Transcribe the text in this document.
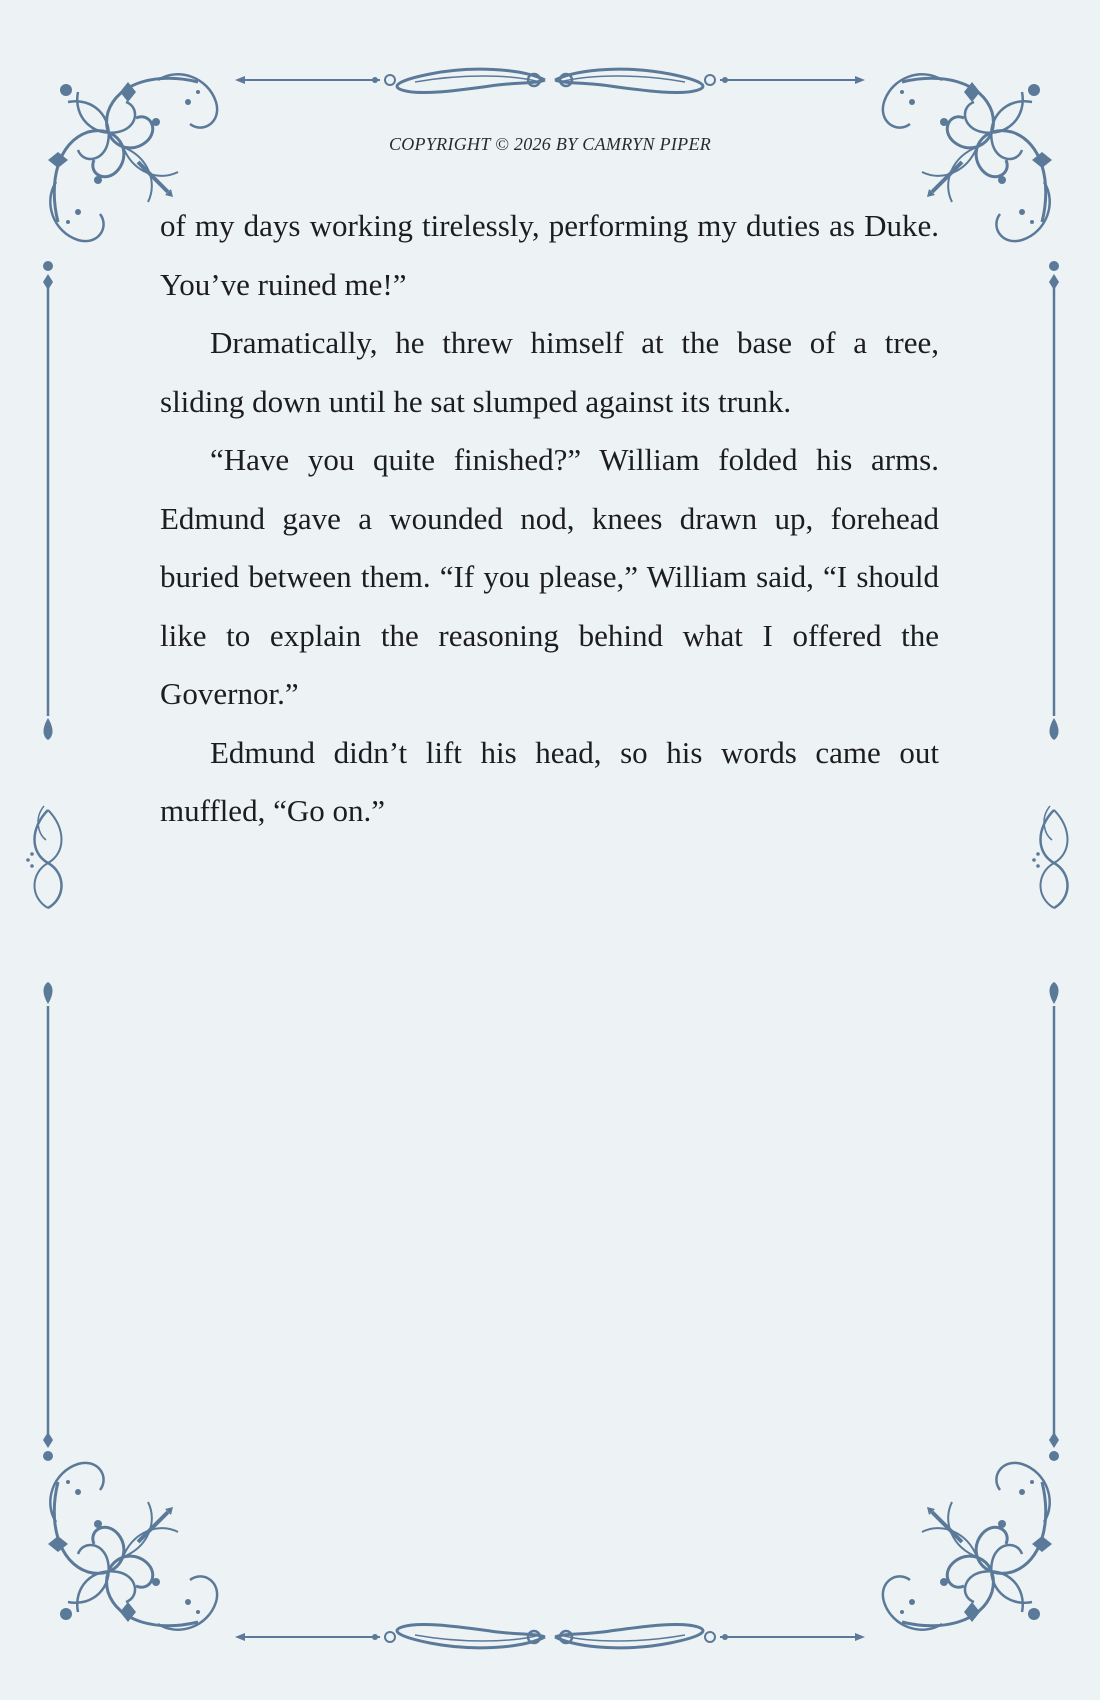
COPYRIGHT © 2026 BY CAMRYN PIPER

of my days working tirelessly, performing my duties as Duke. You’ve ruined me!”

Dramatically, he threw himself at the base of a tree, sliding down until he sat slumped against its trunk.

“Have you quite finished?” William folded his arms. Edmund gave a wounded nod, knees drawn up, forehead buried between them. “If you please,” William said, “I should like to explain the reasoning behind what I offered the Governor.”

Edmund didn’t lift his head, so his words came out muffled, “Go on.”
